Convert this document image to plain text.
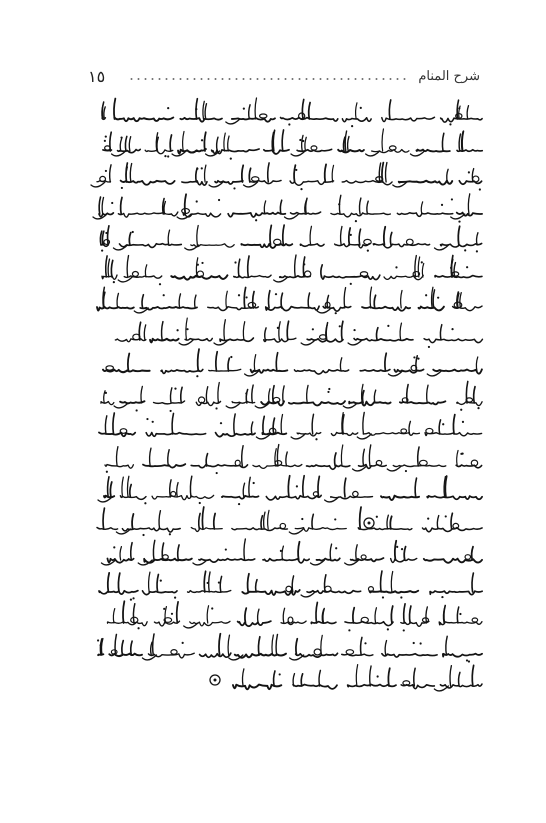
١٥	شرح المنام
